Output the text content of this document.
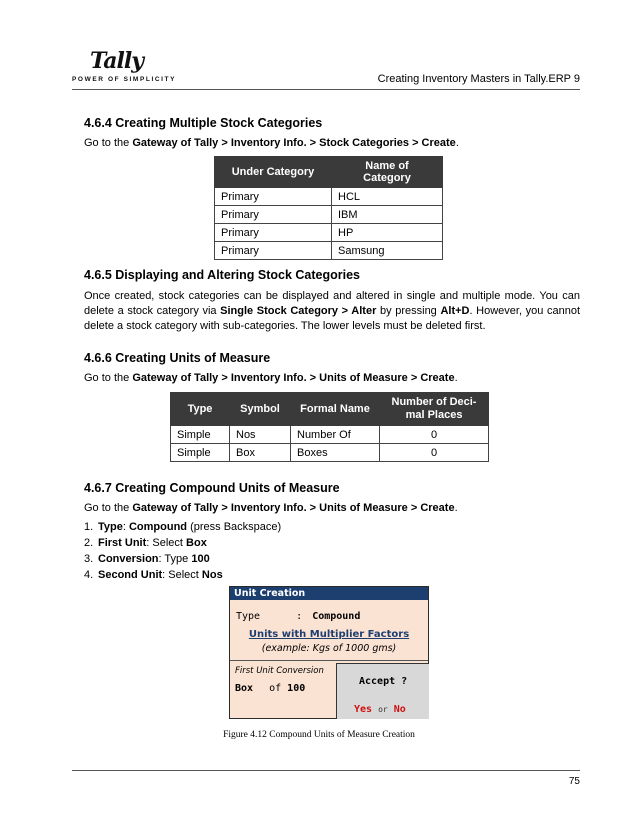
Tally
POWER OF SIMPLICITY	Creating Inventory Masters in Tally.ERP 9
4.6.4 Creating Multiple Stock Categories

Go to the Gateway of Tally > Inventory Info. > Stock Categories > Create.

Under Category	Name of Category
Primary	HCL
Primary	IBM
Primary	HP
Primary	Samsung
4.6.5 Displaying and Altering Stock Categories

Once created, stock categories can be displayed and altered in single and multiple mode. You can delete a stock category via Single Stock Category > Alter by pressing Alt+D. However, you cannot delete a stock category with sub-categories. The lower levels must be deleted first.

4.6.6 Creating Units of Measure

Go to the Gateway of Tally > Inventory Info. > Units of Measure > Create.

Type	Symbol	Formal Name	Number of Deci-mal Places
Simple	Nos	Number Of	0
Simple	Box	Boxes	0
4.6.7 Creating Compound Units of Measure

Go to the Gateway of Tally > Inventory Info. > Units of Measure > Create.

1. Type: Compound (press Backspace)
2. First Unit: Select Box
3. Conversion: Type 100
4. Second Unit: Select Nos
Unit Creation
Type	: Compound
Units with Multiplier Factors
(example: Kgs of 1000 gms)
First Unit Conversion
Box of 100
Accept ?
Yes or No
Figure 4.12 Compound Units of Measure Creation
75
